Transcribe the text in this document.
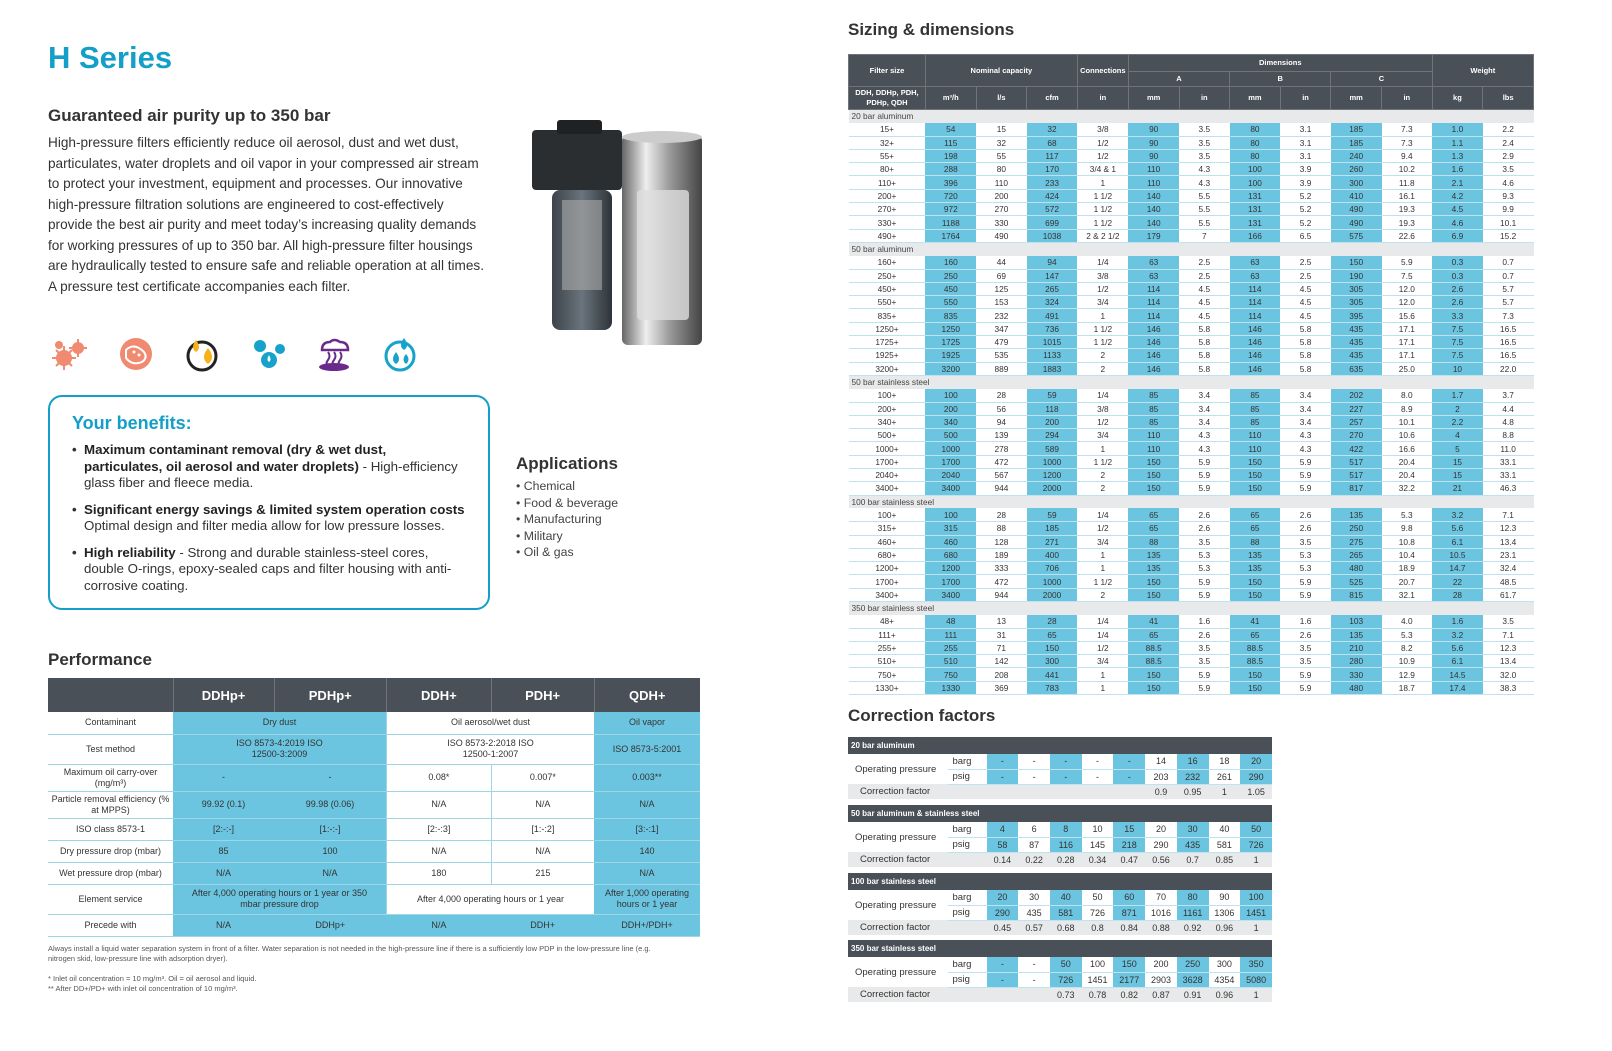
H Series
Guaranteed air purity up to 350 bar
High-pressure filters efficiently reduce oil aerosol, dust and wet dust, particulates, water droplets and oil vapor in your compressed air stream to protect your investment, equipment and processes. Our innovative high-pressure filtration solutions are engineered to cost-effectively provide the best air purity and meet today’s increasing quality demands for working pressures of up to 350 bar. All high-pressure filter housings are hydraulically tested to ensure safe and reliable operation at all times. A pressure test certificate accompanies each filter.
Your benefits:
• Maximum contaminant removal (dry & wet dust, particulates, oil aerosol and water droplets) - High-efficiency glass fiber and fleece media.
• Significant energy savings & limited system operation costs
Optimal design and filter media allow for low pressure losses.
• High reliability - Strong and durable stainless-steel cores, double O-rings, epoxy-sealed caps and filter housing with anti-corrosive coating.
Applications
• Chemical
• Food & beverage
• Manufacturing
• Military
• Oil & gas
Performance
	DDHp+	PDHp+	DDH+	PDH+	QDH+
Contaminant	Dry dust		Oil aerosol/wet dust		Oil vapor
Test method	ISO 8573-4:2019 ISO 12500-3:2009		ISO 8573-2:2018 ISO 12500-1:2007		ISO 8573-5:2001
Maximum oil carry-over (mg/m³)	-	-	0.08*	0.007*	0.003**
Particle removal efficiency (% at MPPS)	99.92 (0.1)	99.98 (0.06)	N/A	N/A	N/A
ISO class 8573-1	[2:-:-]	[1:-:-]	[2:-:3]	[1:-:2]	[3:-:1]
Dry pressure drop (mbar)	85	100	N/A	N/A	140
Wet pressure drop (mbar)	N/A	N/A	180	215	N/A
Element service	After 4,000 operating hours or 1 year or 350 mbar pressure drop		After 4,000 operating hours or 1 year		After 1,000 operating hours or 1 year
Precede with	N/A	DDHp+	N/A	DDH+	DDH+/PDH+
Always install a liquid water separation system in front of a filter. Water separation is not needed in the high-pressure line if there is a sufficiently low PDP in the low-pressure line (e.g. nitrogen skid, low-pressure line with adsorption dryer).
* Inlet oil concentration = 10 mg/m³. Oil = oil aerosol and liquid.
** After DD+/PD+ with inlet oil concentration of 10 mg/m³.
Sizing & dimensions
Filter size	Nominal capacity			Connections	Dimensions						Weight	
					A		B		C			
DDH, DDHp, PDH, PDHp, QDH	m³/h	l/s	cfm	in	mm	in	mm	in	mm	in	kg	lbs
20 bar aluminum												
15+	54	15	32	3/8	90	3.5	80	3.1	185	7.3	1.0	2.2
32+	115	32	68	1/2	90	3.5	80	3.1	185	7.3	1.1	2.4
55+	198	55	117	1/2	90	3.5	80	3.1	240	9.4	1.3	2.9
80+	288	80	170	3/4 & 1	110	4.3	100	3.9	260	10.2	1.6	3.5
110+	396	110	233	1	110	4.3	100	3.9	300	11.8	2.1	4.6
200+	720	200	424	1 1/2	140	5.5	131	5.2	410	16.1	4.2	9.3
270+	972	270	572	1 1/2	140	5.5	131	5.2	490	19.3	4.5	9.9
330+	1188	330	699	1 1/2	140	5.5	131	5.2	490	19.3	4.6	10.1
490+	1764	490	1038	2 & 2 1/2	179	7	166	6.5	575	22.6	6.9	15.2
50 bar aluminum												
160+	160	44	94	1/4	63	2.5	63	2.5	150	5.9	0.3	0.7
250+	250	69	147	3/8	63	2.5	63	2.5	190	7.5	0.3	0.7
450+	450	125	265	1/2	114	4.5	114	4.5	305	12.0	2.6	5.7
550+	550	153	324	3/4	114	4.5	114	4.5	305	12.0	2.6	5.7
835+	835	232	491	1	114	4.5	114	4.5	395	15.6	3.3	7.3
1250+	1250	347	736	1 1/2	146	5.8	146	5.8	435	17.1	7.5	16.5
1725+	1725	479	1015	1 1/2	146	5.8	146	5.8	435	17.1	7.5	16.5
1925+	1925	535	1133	2	146	5.8	146	5.8	435	17.1	7.5	16.5
3200+	3200	889	1883	2	146	5.8	146	5.8	635	25.0	10	22.0
50 bar stainless steel												
100+	100	28	59	1/4	85	3.4	85	3.4	202	8.0	1.7	3.7
200+	200	56	118	3/8	85	3.4	85	3.4	227	8.9	2	4.4
340+	340	94	200	1/2	85	3.4	85	3.4	257	10.1	2.2	4.8
500+	500	139	294	3/4	110	4.3	110	4.3	270	10.6	4	8.8
1000+	1000	278	589	1	110	4.3	110	4.3	422	16.6	5	11.0
1700+	1700	472	1000	1 1/2	150	5.9	150	5.9	517	20.4	15	33.1
2040+	2040	567	1200	2	150	5.9	150	5.9	517	20.4	15	33.1
3400+	3400	944	2000	2	150	5.9	150	5.9	817	32.2	21	46.3
100 bar stainless steel												
100+	100	28	59	1/4	65	2.6	65	2.6	135	5.3	3.2	7.1
315+	315	88	185	1/2	65	2.6	65	2.6	250	9.8	5.6	12.3
460+	460	128	271	3/4	88	3.5	88	3.5	275	10.8	6.1	13.4
680+	680	189	400	1	135	5.3	135	5.3	265	10.4	10.5	23.1
1200+	1200	333	706	1	135	5.3	135	5.3	480	18.9	14.7	32.4
1700+	1700	472	1000	1 1/2	150	5.9	150	5.9	525	20.7	22	48.5
3400+	3400	944	2000	2	150	5.9	150	5.9	815	32.1	28	61.7
350 bar stainless steel												
48+	48	13	28	1/4	41	1.6	41	1.6	103	4.0	1.6	3.5
111+	111	31	65	1/4	65	2.6	65	2.6	135	5.3	3.2	7.1
255+	255	71	150	1/2	88.5	3.5	88.5	3.5	210	8.2	5.6	12.3
510+	510	142	300	3/4	88.5	3.5	88.5	3.5	280	10.9	6.1	13.4
750+	750	208	441	1	150	5.9	150	5.9	330	12.9	14.5	32.0
1330+	1330	369	783	1	150	5.9	150	5.9	480	18.7	17.4	38.3
Correction factors
20 bar aluminum										
Operating pressure	barg	-	-	-	-	-	14	16	18	20
	psig	-	-	-	-	-	203	232	261	290
Correction factor							0.9	0.95	1	1.05
50 bar aluminum & stainless steel										
Operating pressure	barg	4	6	8	10	15	20	30	40	50
	psig	58	87	116	145	218	290	435	581	726
Correction factor		0.14	0.22	0.28	0.34	0.47	0.56	0.7	0.85	1
100 bar stainless steel										
Operating pressure	barg	20	30	40	50	60	70	80	90	100
	psig	290	435	581	726	871	1016	1161	1306	1451
Correction factor		0.45	0.57	0.68	0.8	0.84	0.88	0.92	0.96	1
350 bar stainless steel										
Operating pressure	barg	-	-	50	100	150	200	250	300	350
	psig	-	-	726	1451	2177	2903	3628	4354	5080
Correction factor				0.73	0.78	0.82	0.87	0.91	0.96	1
